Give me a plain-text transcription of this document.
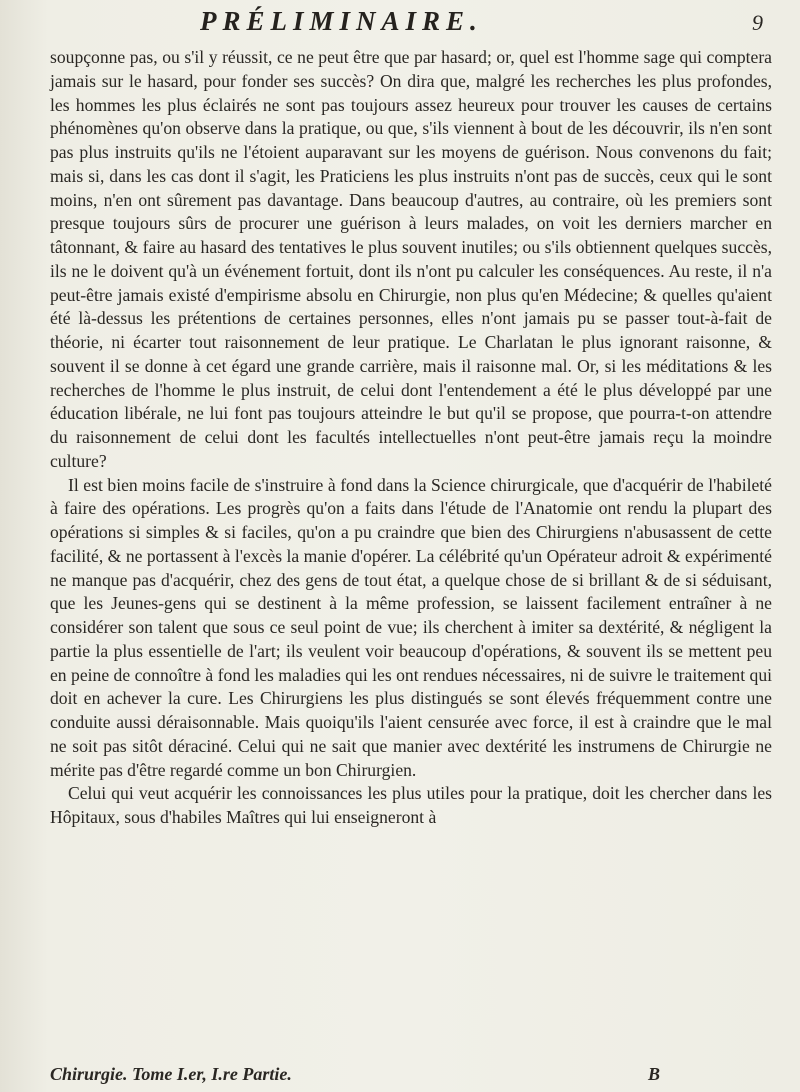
PRÉLIMINAIRE.	9

soupçonne pas, ou s'il y réussit, ce ne peut être que par hasard; or, quel est l'homme sage qui comptera jamais sur le hasard, pour fonder ses succès? On dira que, malgré les recherches les plus profondes, les hommes les plus éclairés ne sont pas toujours assez heureux pour trouver les causes de certains phénomènes qu'on observe dans la pratique, ou que, s'ils viennent à bout de les découvrir, ils n'en sont pas plus instruits qu'ils ne l'étoient auparavant sur les moyens de guérison. Nous convenons du fait; mais si, dans les cas dont il s'agit, les Praticiens les plus instruits n'ont pas de succès, ceux qui le sont moins, n'en ont sûrement pas davantage. Dans beaucoup d'autres, au contraire, où les premiers sont presque toujours sûrs de procurer une guérison à leurs malades, on voit les derniers marcher en tâtonnant, & faire au hasard des tentatives le plus souvent inutiles; ou s'ils obtiennent quelques succès, ils ne le doivent qu'à un événement fortuit, dont ils n'ont pu calculer les conséquences. Au reste, il n'a peut-être jamais existé d'empirisme absolu en Chirurgie, non plus qu'en Médecine; & quelles qu'aient été là-dessus les prétentions de certaines personnes, elles n'ont jamais pu se passer tout-à-fait de théorie, ni écarter tout raisonnement de leur pratique. Le Charlatan le plus ignorant raisonne, & souvent il se donne à cet égard une grande carrière, mais il raisonne mal. Or, si les méditations & les recherches de l'homme le plus instruit, de celui dont l'entendement a été le plus développé par une éducation libérale, ne lui font pas toujours atteindre le but qu'il se propose, que pourra-t-on attendre du raisonnement de celui dont les facultés intellectuelles n'ont peut-être jamais reçu la moindre culture?

Il est bien moins facile de s'instruire à fond dans la Science chirurgicale, que d'acquérir de l'habileté à faire des opérations. Les progrès qu'on a faits dans l'étude de l'Anatomie ont rendu la plupart des opérations si simples & si faciles, qu'on a pu craindre que bien des Chirurgiens n'abusassent de cette facilité, & ne portassent à l'excès la manie d'opérer. La célébrité qu'un Opérateur adroit & expérimenté ne manque pas d'acquérir, chez des gens de tout état, a quelque chose de si brillant & de si séduisant, que les Jeunes-gens qui se destinent à la même profession, se laissent facilement entraîner à ne considérer son talent que sous ce seul point de vue; ils cherchent à imiter sa dextérité, & négligent la partie la plus essentielle de l'art; ils veulent voir beaucoup d'opérations, & souvent ils se mettent peu en peine de connoître à fond les maladies qui les ont rendues nécessaires, ni de suivre le traitement qui doit en achever la cure. Les Chirurgiens les plus distingués se sont élevés fréquemment contre une conduite aussi déraisonnable. Mais quoiqu'ils l'aient censurée avec force, il est à craindre que le mal ne soit pas sitôt déraciné. Celui qui ne sait que manier avec dextérité les instrumens de Chirurgie ne mérite pas d'être regardé comme un bon Chirurgien.

Celui qui veut acquérir les connoissances les plus utiles pour la pratique, doit les chercher dans les Hôpitaux, sous d'habiles Maîtres qui lui enseigneront à

Chirurgie. Tome I.er, I.re Partie.	B
